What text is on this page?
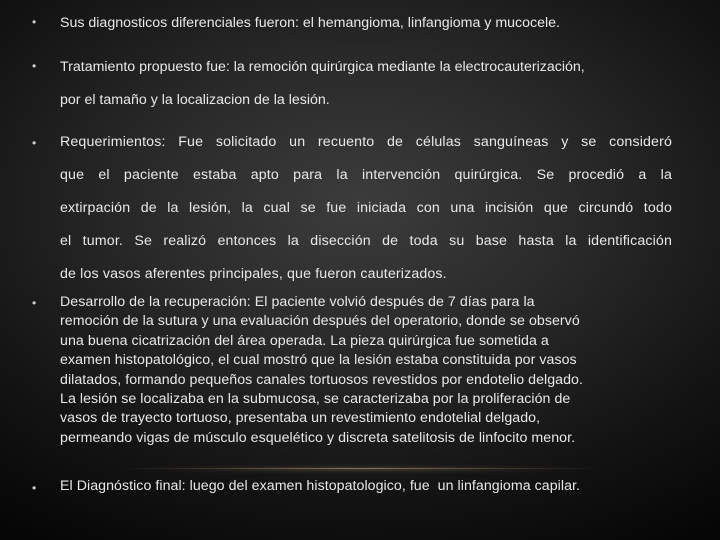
• Sus diagnosticos diferenciales fueron: el hemangioma, linfangioma y mucocele.

• Tratamiento propuesto fue: la remoción quirúrgica mediante la electrocauterización,
por el tamaño y la localizacion de la lesión.

• Requerimientos: Fue solicitado un recuento de células sanguíneas y se consideró
que el paciente estaba apto para la intervención quirúrgica. Se procedió a la
extirpación de la lesión, la cual se fue iniciada con una incisión que circundó todo
el tumor. Se realizó entonces la disección de toda su base hasta la identificación
de los vasos aferentes principales, que fueron cauterizados.

• Desarrollo de la recuperación: El paciente volvió después de 7 días para la
remoción de la sutura y una evaluación después del operatorio, donde se observó
una buena cicatrización del área operada. La pieza quirúrgica fue sometida a
examen histopatológico, el cual mostró que la lesión estaba constituida por vasos
dilatados, formando pequeños canales tortuosos revestidos por endotelio delgado.
La lesión se localizaba en la submucosa, se caracterizaba por la proliferación de
vasos de trayecto tortuoso, presentaba un revestimiento endotelial delgado,
permeando vigas de músculo esquelético y discreta satelitosis de linfocito menor.

• El Diagnóstico final: luego del examen histopatologico, fue  un linfangioma capilar.
